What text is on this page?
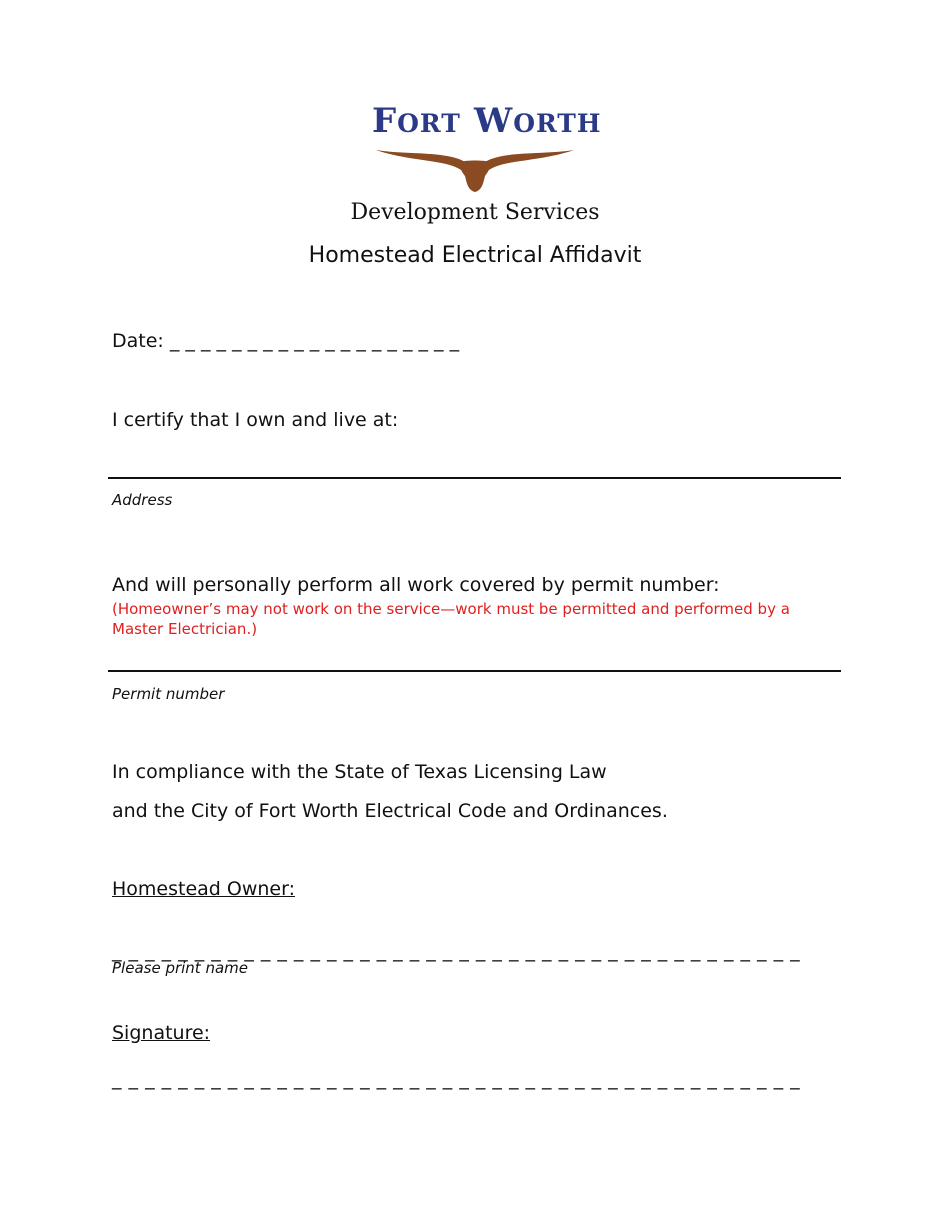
FORT WORTH

Development Services

Homestead Electrical Affidavit

Date: _ _ _ _ _ _ _ _ _ _ _ _ _ _ _ _ _ _ _

I certify that I own and live at:

Address

And will personally perform all work covered by permit number:

(Homeowner’s may not work on the service—work must be permitted and performed by a Master Electrician.)

Permit number

In compliance with the State of Texas Licensing Law

and the City of Fort Worth Electrical Code and Ordinances.

Homestead Owner:

_ _ _ _ _ _ _ _ _ _ _ _ _ _ _ _ _ _ _ _ _ _ _ _ _ _ _ _ _ _ _ _ _ _ _ _ _ _ _ _ _ _

Please print name

Signature:

_ _ _ _ _ _ _ _ _ _ _ _ _ _ _ _ _ _ _ _ _ _ _ _ _ _ _ _ _ _ _ _ _ _ _ _ _ _ _ _ _ _
